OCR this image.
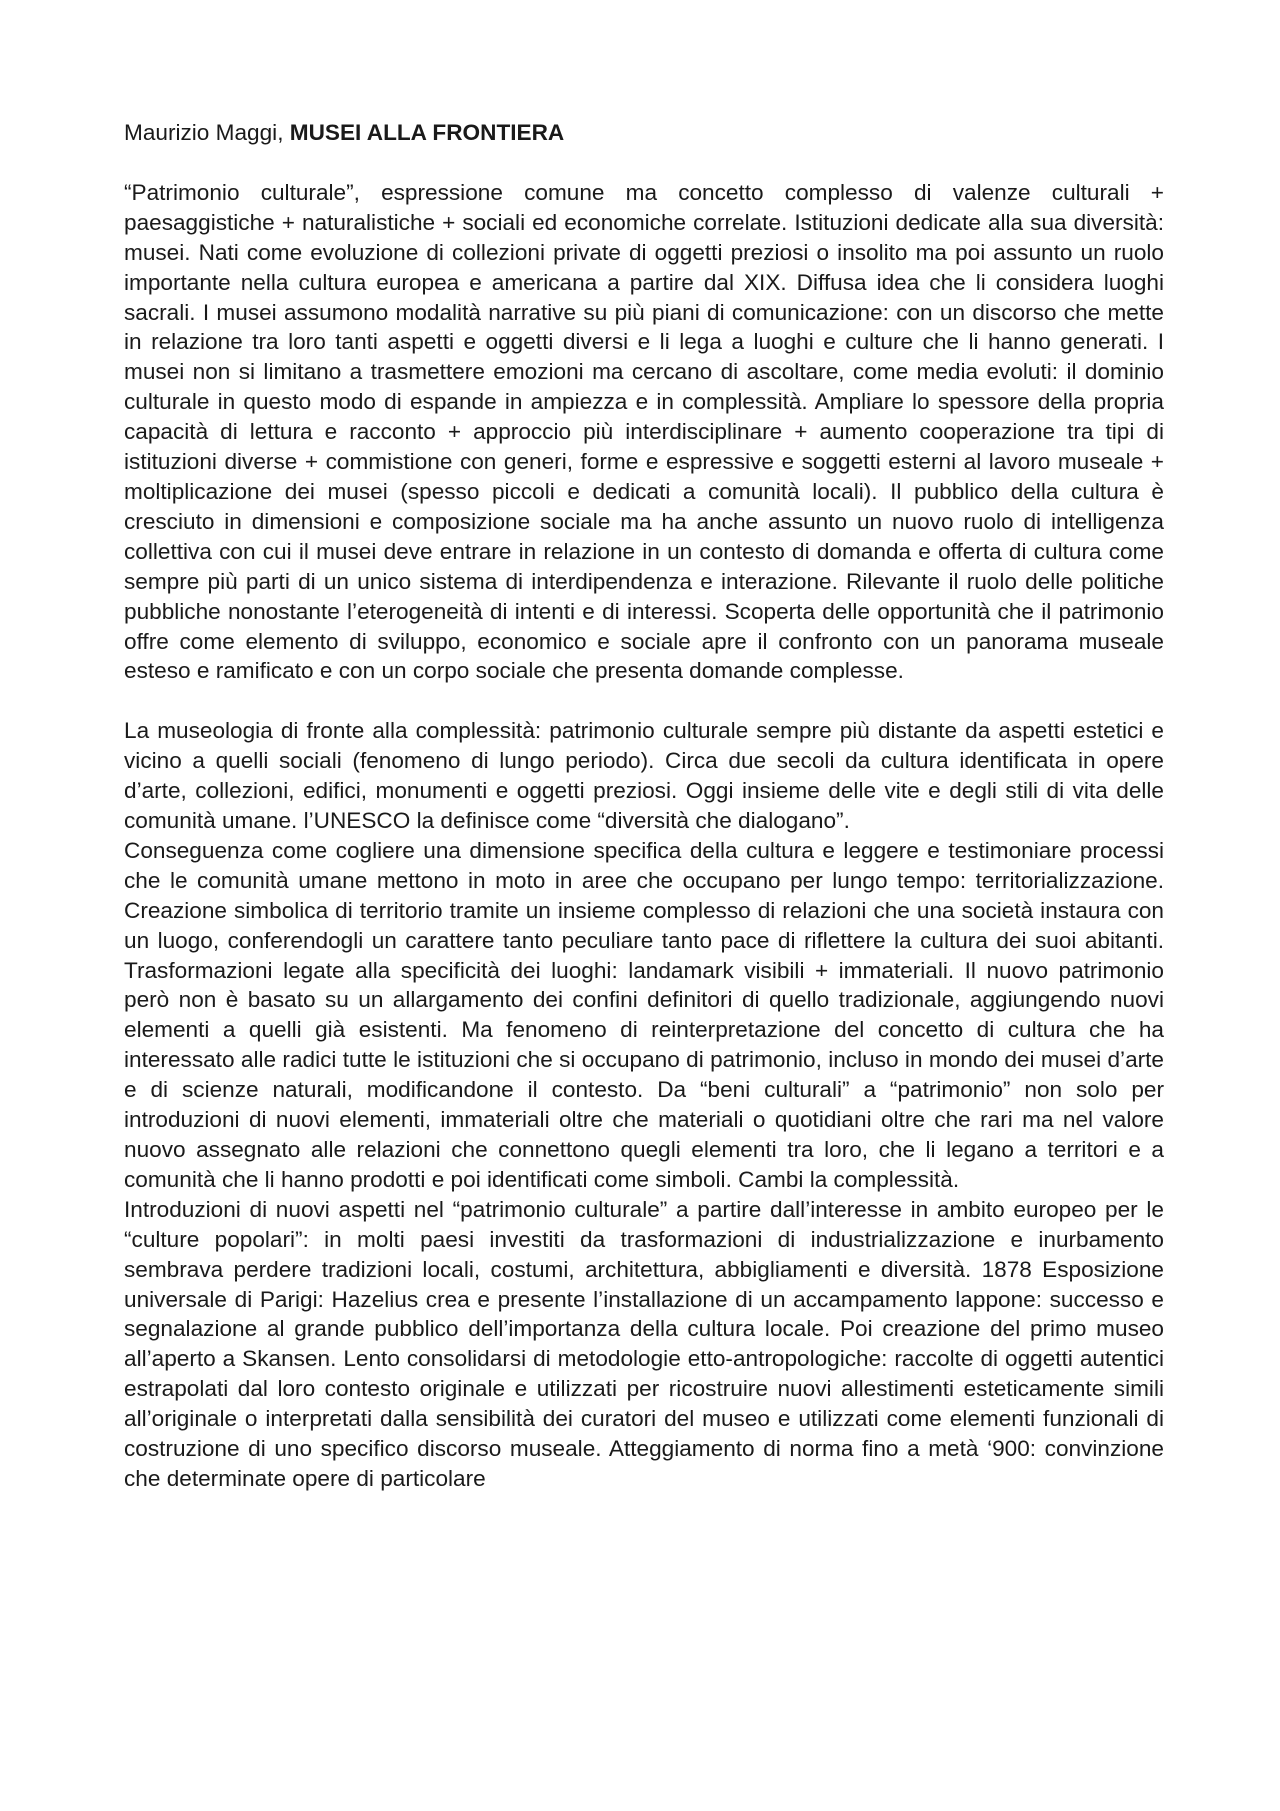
Maurizio Maggi, MUSEI ALLA FRONTIERA

“Patrimonio culturale”, espressione comune ma concetto complesso di valenze culturali + paesaggistiche + naturalistiche + sociali ed economiche correlate. Istituzioni dedicate alla sua diversità: musei. Nati come evoluzione di collezioni private di oggetti preziosi o insolito ma poi assunto un ruolo importante nella cultura europea e americana a partire dal XIX. Diffusa idea che li considera luoghi sacrali. I musei assumono modalità narrative su più piani di comunicazione: con un discorso che mette in relazione tra loro tanti aspetti e oggetti diversi e li lega a luoghi e culture che li hanno generati. I musei non si limitano a trasmettere emozioni ma cercano di ascoltare, come media evoluti: il dominio culturale in questo modo di espande in ampiezza e in complessità. Ampliare lo spessore della propria capacità di lettura e racconto + approccio più interdisciplinare + aumento cooperazione tra tipi di istituzioni diverse + commistione con generi, forme e espressive e soggetti esterni al lavoro museale + moltiplicazione dei musei (spesso piccoli e dedicati a comunità locali). Il pubblico della cultura è cresciuto in dimensioni e composizione sociale ma ha anche assunto un nuovo ruolo di intelligenza collettiva con cui il musei deve entrare in relazione in un contesto di domanda e offerta di cultura come sempre più parti di un unico sistema di interdipendenza e interazione. Rilevante il ruolo delle politiche pubbliche nonostante l’eterogeneità di intenti e di interessi. Scoperta delle opportunità che il patrimonio offre come elemento di sviluppo, economico e sociale apre il confronto con un panorama museale esteso e ramificato e con un corpo sociale che presenta domande complesse.

La museologia di fronte alla complessità: patrimonio culturale sempre più distante da aspetti estetici e vicino a quelli sociali (fenomeno di lungo periodo). Circa due secoli da cultura identificata in opere d’arte, collezioni, edifici, monumenti e oggetti preziosi. Oggi insieme delle vite e degli stili di vita delle comunità umane. l’UNESCO la definisce come “diversità che dialogano”.

Conseguenza come cogliere una dimensione specifica della cultura e leggere e testimoniare processi che le comunità umane mettono in moto in aree che occupano per lungo tempo: territorializzazione. Creazione simbolica di territorio tramite un insieme complesso di relazioni che una società instaura con un luogo, conferendogli un carattere tanto peculiare tanto pace di riflettere la cultura dei suoi abitanti. Trasformazioni legate alla specificità dei luoghi: landamark visibili + immateriali. Il nuovo patrimonio però non è basato su un allargamento dei confini definitori di quello tradizionale, aggiungendo nuovi elementi a quelli già esistenti. Ma fenomeno di reinterpretazione del concetto di cultura che ha interessato alle radici tutte le istituzioni che si occupano di patrimonio, incluso in mondo dei musei d’arte e di scienze naturali, modificandone il contesto. Da “beni culturali” a “patrimonio” non solo per introduzioni di nuovi elementi, immateriali oltre che materiali o quotidiani oltre che rari ma nel valore nuovo assegnato alle relazioni che connettono quegli elementi tra loro, che li legano a territori e a comunità che li hanno prodotti e poi identificati come simboli. Cambi la complessità.

Introduzioni di nuovi aspetti nel “patrimonio culturale” a partire dall’interesse in ambito europeo per le “culture popolari”: in molti paesi investiti da trasformazioni di industrializzazione e inurbamento sembrava perdere tradizioni locali, costumi, architettura, abbigliamenti e diversità. 1878 Esposizione universale di Parigi: Hazelius crea e presente l’installazione di un accampamento lappone: successo e segnalazione al grande pubblico dell’importanza della cultura locale. Poi creazione del primo museo all’aperto a Skansen. Lento consolidarsi di metodologie etto-antropologiche: raccolte di oggetti autentici estrapolati dal loro contesto originale e utilizzati per ricostruire nuovi allestimenti esteticamente simili all’originale o interpretati dalla sensibilità dei curatori del museo e utilizzati come elementi funzionali di costruzione di uno specifico discorso museale. Atteggiamento di norma fino a metà ‘900: convinzione che determinate opere di particolare
